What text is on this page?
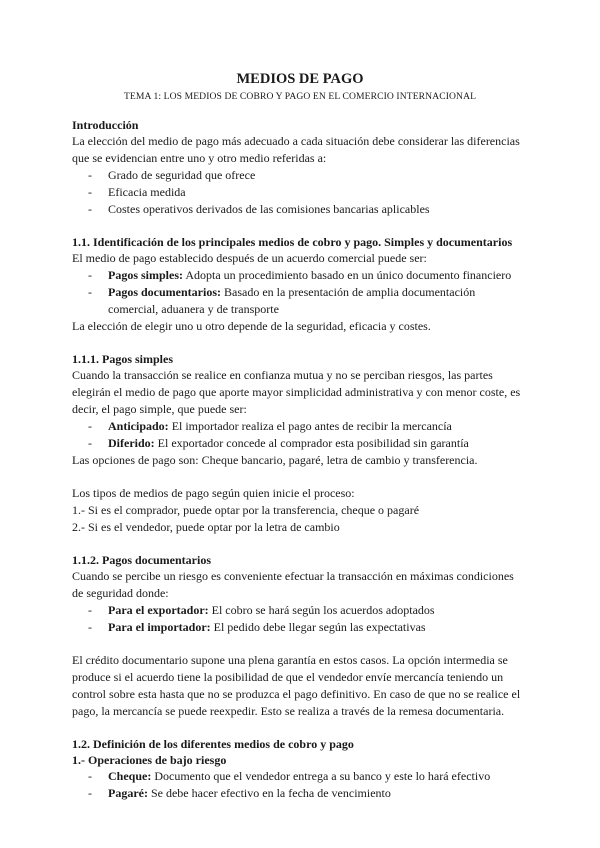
MEDIOS DE PAGO

TEMA 1: LOS MEDIOS DE COBRO Y PAGO EN EL COMERCIO INTERNACIONAL

Introducción

La elección del medio de pago más adecuado a cada situación debe considerar las diferencias que se evidencian entre uno y otro medio referidas a:

- Grado de seguridad que ofrece
- Eficacia medida
- Costes operativos derivados de las comisiones bancarias aplicables

1.1. Identificación de los principales medios de cobro y pago. Simples y documentarios

El medio de pago establecido después de un acuerdo comercial puede ser:

- Pagos simples: Adopta un procedimiento basado en un único documento financiero
- Pagos documentarios: Basado en la presentación de amplia documentación comercial, aduanera y de transporte

La elección de elegir uno u otro depende de la seguridad, eficacia y costes.

1.1.1. Pagos simples

Cuando la transacción se realice en confianza mutua y no se perciban riesgos, las partes elegirán el medio de pago que aporte mayor simplicidad administrativa y con menor coste, es decir, el pago simple, que puede ser:

- Anticipado: El importador realiza el pago antes de recibir la mercancía
- Diferido: El exportador concede al comprador esta posibilidad sin garantía

Las opciones de pago son: Cheque bancario, pagaré, letra de cambio y transferencia.

Los tipos de medios de pago según quien inicie el proceso:

1.- Si es el comprador, puede optar por la transferencia, cheque o pagaré

2.- Si es el vendedor, puede optar por la letra de cambio

1.1.2. Pagos documentarios

Cuando se percibe un riesgo es conveniente efectuar la transacción en máximas condiciones de seguridad donde:

- Para el exportador: El cobro se hará según los acuerdos adoptados
- Para el importador: El pedido debe llegar según las expectativas

El crédito documentario supone una plena garantía en estos casos. La opción intermedia se produce si el acuerdo tiene la posibilidad de que el vendedor envíe mercancía teniendo un control sobre esta hasta que no se produzca el pago definitivo. En caso de que no se realice el pago, la mercancía se puede reexpedir. Esto se realiza a través de la remesa documentaria.

1.2. Definición de los diferentes medios de cobro y pago

1.- Operaciones de bajo riesgo

- Cheque: Documento que el vendedor entrega a su banco y este lo hará efectivo
- Pagaré: Se debe hacer efectivo en la fecha de vencimiento
